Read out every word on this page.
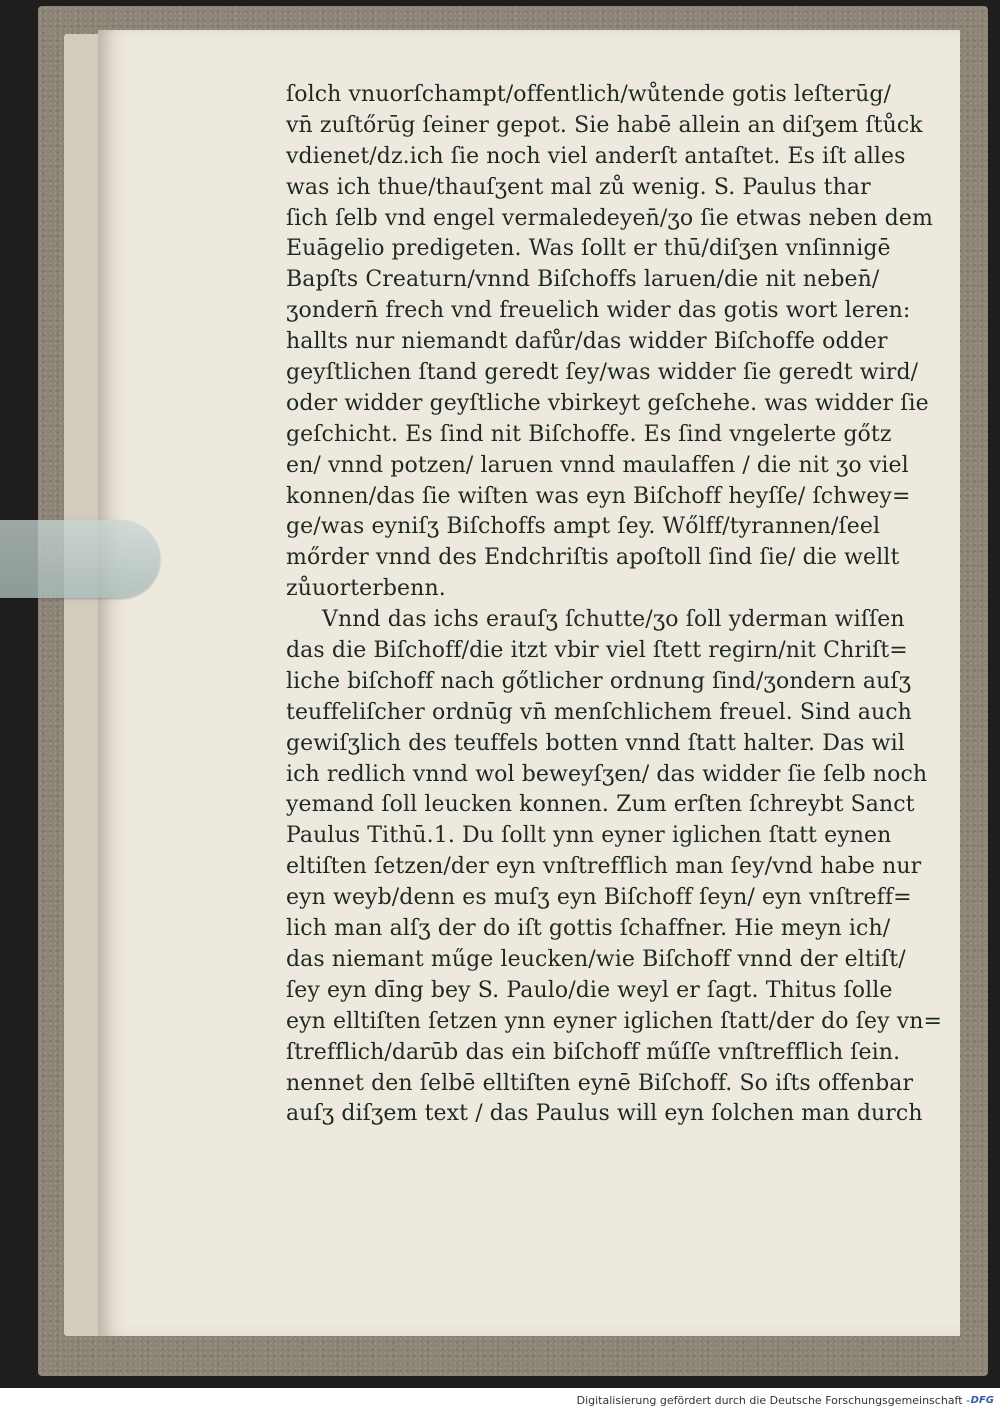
ſolch vnuorſchampt/offentlich/wůtende gotis leſterūg/
vn̄ zuſtőrūg ſeiner gepot. Sie habē allein an diſʒem ſtůck
vdienet/dz.ich ſie noch viel anderſt antaſtet. Es iſt alles
was ich thue/thauſʒent mal zů wenig. S. Paulus thar
ſich ſelb vnd engel vermaledeyen̄/ʒo ſie etwas neben dem
Euāgelio predigeten. Was ſollt er thū/diſʒen vnſinnigē
Bapſts Creaturn/vnnd Biſchoffs laruen/die nit neben̄/
ʒondern̄ frech vnd freuelich wider das gotis wort leren:
hallts nur niemandt dafůr/das widder Biſchoffe odder
geyſtlichen ſtand geredt ſey/was widder ſie geredt wird/
oder widder geyſtliche vbirkeyt geſchehe. was widder ſie
geſchicht. Es ſind nit Biſchoffe. Es ſind vngelerte gőtz
en/ vnnd potzen/ laruen vnnd maulaffen / die nit ʒo viel
konnen/das ſie wiſten was eyn Biſchoff heyſſe/ ſchwey=
ge/was eyniſʒ Biſchoffs ampt ſey. Wőlff/tyrannen/ſeel
mőrder vnnd des Endchriſtis apoſtoll ſind ſie/ die wellt
zůuorterbenn.
Vnnd das ichs erauſʒ ſchutte/ʒo ſoll yderman wiſſen
das die Biſchoff/die itzt vbir viel ſtett regirn/nit Chriſt=
liche biſchoff nach gőtlicher ordnung ſind/ʒondern auſʒ
teuffeliſcher ordnūg vn̄ menſchlichem freuel. Sind auch
gewiſʒlich des teuffels botten vnnd ſtatt halter. Das wil
ich redlich vnnd wol beweyſʒen/ das widder ſie ſelb noch
yemand ſoll leucken konnen. Zum erſten ſchreybt Sanct
Paulus Tithū.1. Du ſollt ynn eyner iglichen ſtatt eynen
eltiſten ſetzen/der eyn vnſtrefflich man ſey/vnd habe nur
eyn weyb/denn es muſʒ eyn Biſchoff ſeyn/ eyn vnſtreff=
lich man alſʒ der do iſt gottis ſchaffner. Hie meyn ich/
das niemant műge leucken/wie Biſchoff vnnd der eltiſt/
ſey eyn dīng bey S. Paulo/die weyl er ſagt. Thitus ſolle
eyn elltiſten ſetzen ynn eyner iglichen ſtatt/der do ſey vn=
ſtrefflich/darūb das ein biſchoff műſſe vnſtrefflich ſein.
nennet den ſelbē elltiſten eynē Biſchoff. So iſts offenbar
auſʒ diſʒem text / das Paulus will eyn ſolchen man durch
Digitalisierung gefördert durch die Deutsche Forschungsgemeinschaft - DFG
